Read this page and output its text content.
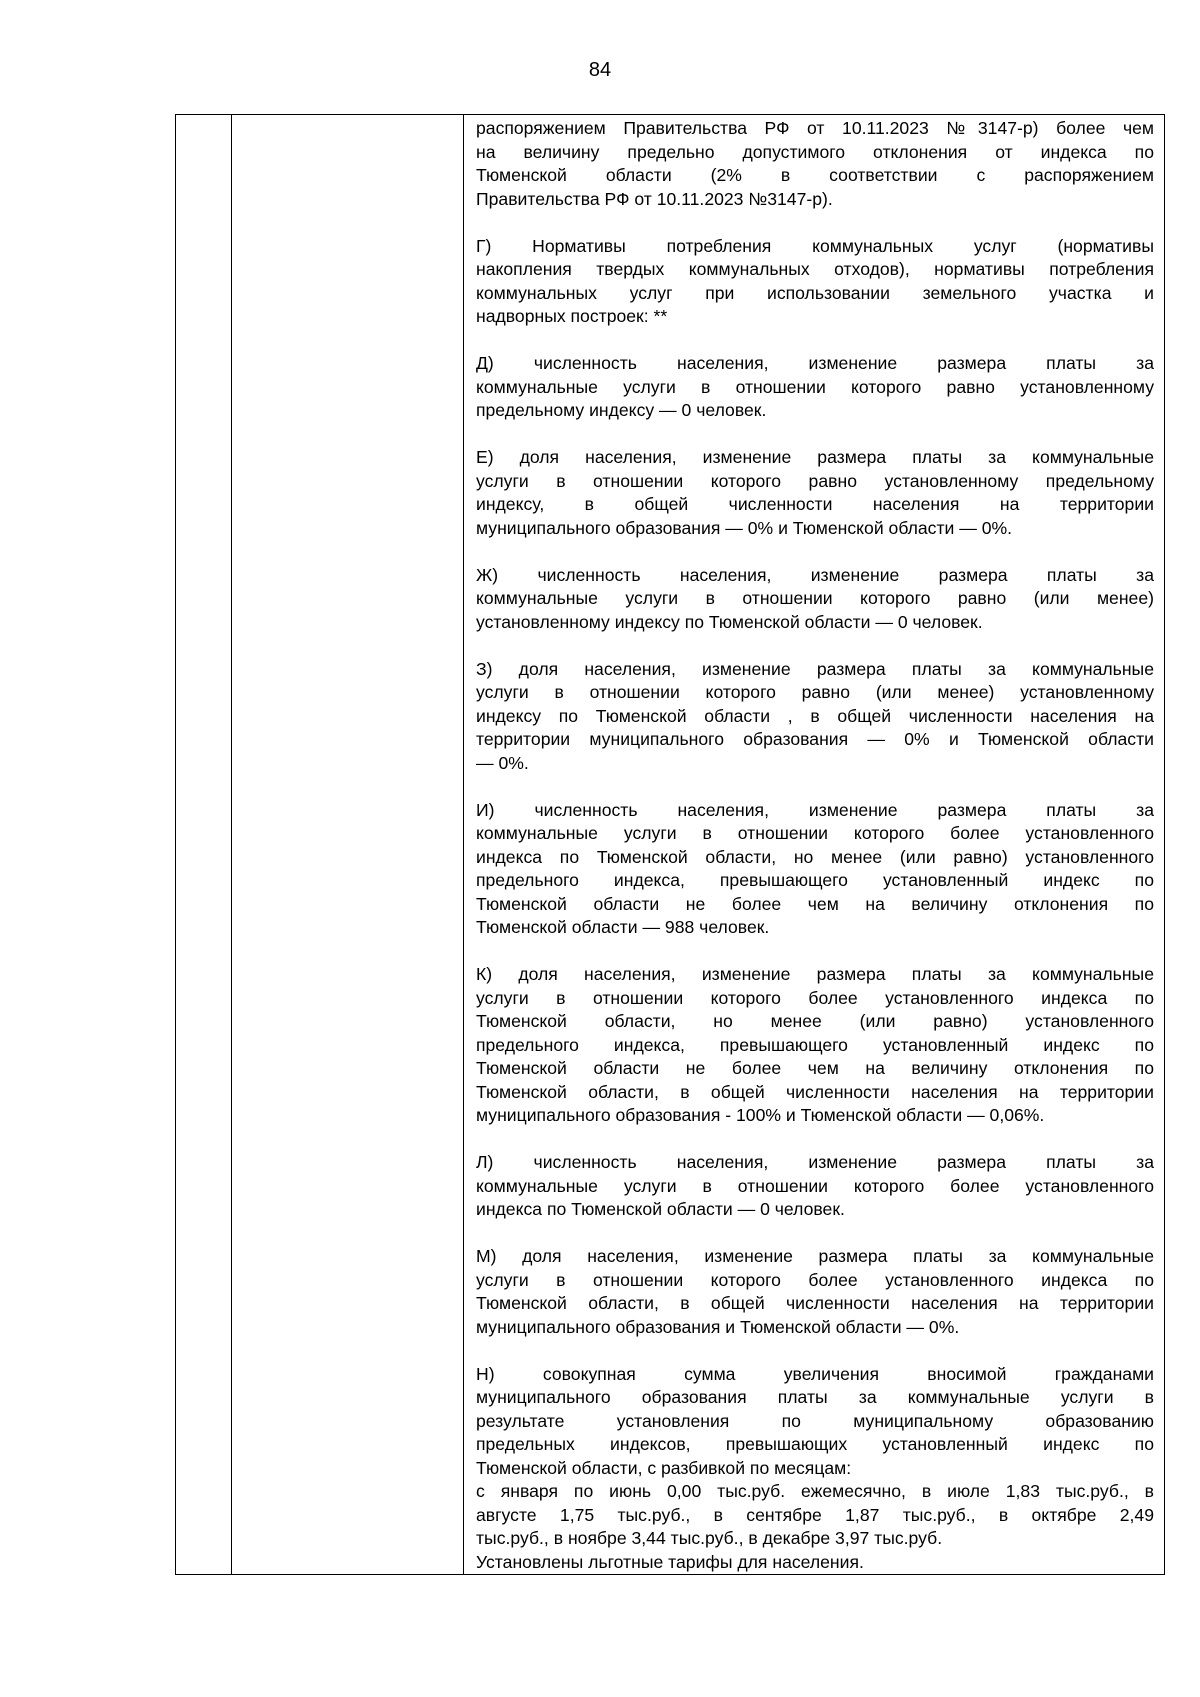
84

распоряжением Правительства РФ от 10.11.2023 №3147-р) более чем
на величину предельно допустимого отклонения от индекса по
Тюменской области (2% в соответствии с распоряжением
Правительства РФ от 10.11.2023 №3147-р).
Г) Нормативы потребления коммунальных услуг (нормативы
накопления твердых коммунальных отходов), нормативы потребления
коммунальных услуг при использовании земельного участка и
надворных построек: **
Д) численность населения, изменение размера платы за
коммунальные услуги в отношении которого равно установленному
предельному индексу — 0 человек.
Е) доля населения, изменение размера платы за коммунальные
услуги в отношении которого равно установленному предельному
индексу, в общей численности населения на территории
муниципального образования — 0% и Тюменской области — 0%.
Ж) численность населения, изменение размера платы за
коммунальные услуги в отношении которого равно (или менее)
установленному индексу по Тюменской области — 0 человек.
З) доля населения, изменение размера платы за коммунальные
услуги в отношении которого равно (или менее) установленному
индексу по Тюменской области , в общей численности населения на
территории муниципального образования — 0% и Тюменской области
— 0%.
И) численность населения, изменение размера платы за
коммунальные услуги в отношении которого более установленного
индекса по Тюменской области, но менее (или равно) установленного
предельного индекса, превышающего установленный индекс по
Тюменской области не более чем на величину отклонения по
Тюменской области — 988 человек.
К) доля населения, изменение размера платы за коммунальные
услуги в отношении которого более установленного индекса по
Тюменской области, но менее (или равно) установленного
предельного индекса, превышающего установленный индекс по
Тюменской области не более чем на величину отклонения по
Тюменской области, в общей численности населения на территории
муниципального образования - 100% и Тюменской области — 0,06%.
Л) численность населения, изменение размера платы за
коммунальные услуги в отношении которого более установленного
индекса по Тюменской области — 0 человек.
М) доля населения, изменение размера платы за коммунальные
услуги в отношении которого более установленного индекса по
Тюменской области, в общей численности населения на территории
муниципального образования и Тюменской области — 0%.
Н) совокупная сумма увеличения вносимой гражданами
муниципального образования платы за коммунальные услуги в
результате установления по муниципальному образованию
предельных индексов, превышающих установленный индекс по
Тюменской области, с разбивкой по месяцам:
с января по июнь 0,00 тыс.руб. ежемесячно, в июле 1,83 тыс.руб., в
августе 1,75 тыс.руб., в сентябре 1,87 тыс.руб., в октябре 2,49
тыс.руб., в ноябре 3,44 тыс.руб., в декабре 3,97 тыс.руб.
Установлены льготные тарифы для населения.
